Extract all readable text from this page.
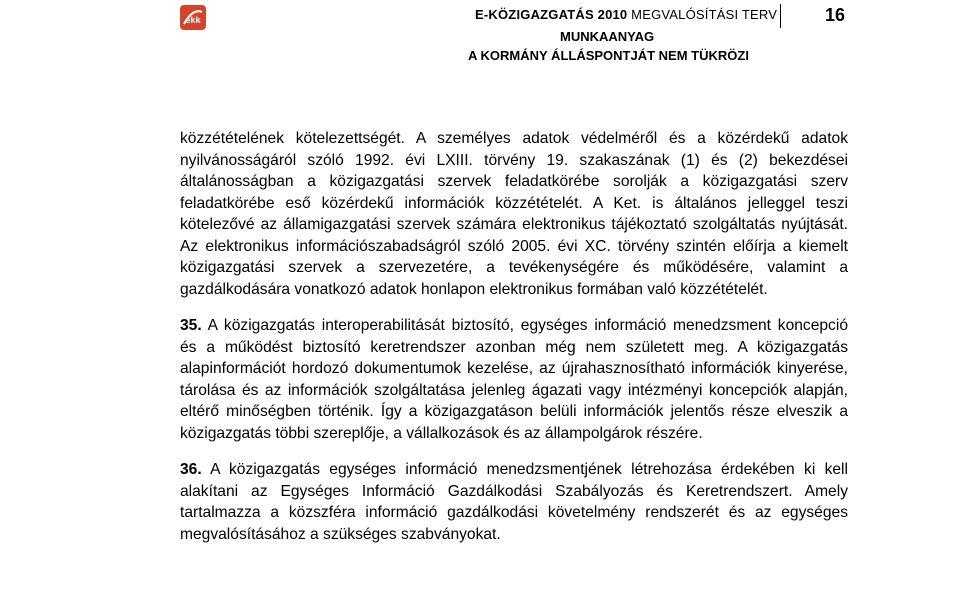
ekk	E-KÖZIGAZGATÁS 2010 MEGVALÓSÍTÁSI TERV	16
MUNKAANYAG
A KORMÁNY ÁLLÁSPONTJÁT NEM TÜKRÖZI

közzétételének kötelezettségét. A személyes adatok védelméről és a közérdekű adatok nyilvánosságáról szóló 1992. évi LXIII. törvény 19. szakaszának (1) és (2) bekezdései általánosságban a közigazgatási szervek feladatkörébe sorolják a közigazgatási szerv feladatkörébe eső közérdekű információk közzétételét. A Ket. is általános jelleggel teszi kötelezővé az államigazgatási szervek számára elektronikus tájékoztató szolgáltatás nyújtását. Az elektronikus információszabadságról szóló 2005. évi XC. törvény szintén előírja a kiemelt közigazgatási szervek a szervezetére, a tevékenységére és működésére, valamint a gazdálkodására vonatkozó adatok honlapon elektronikus formában való közzétételét.

35. A közigazgatás interoperabilitását biztosító, egységes információ menedzsment koncepció és a működést biztosító keretrendszer azonban még nem született meg. A közigazgatás alapinformációt hordozó dokumentumok kezelése, az újrahasznosítható információk kinyerése, tárolása és az információk szolgáltatása jelenleg ágazati vagy intézményi koncepciók alapján, eltérő minőségben történik. Így a közigazgatáson belüli információk jelentős része elveszik a közigazgatás többi szereplője, a vállalkozások és az állampolgárok részére.

36. A közigazgatás egységes információ menedzsmentjének létrehozása érdekében ki kell alakítani az Egységes Információ Gazdálkodási Szabályozás és Keretrendszert. Amely tartalmazza a közszféra információ gazdálkodási követelmény rendszerét és az egységes megvalósításához a szükséges szabványokat.
